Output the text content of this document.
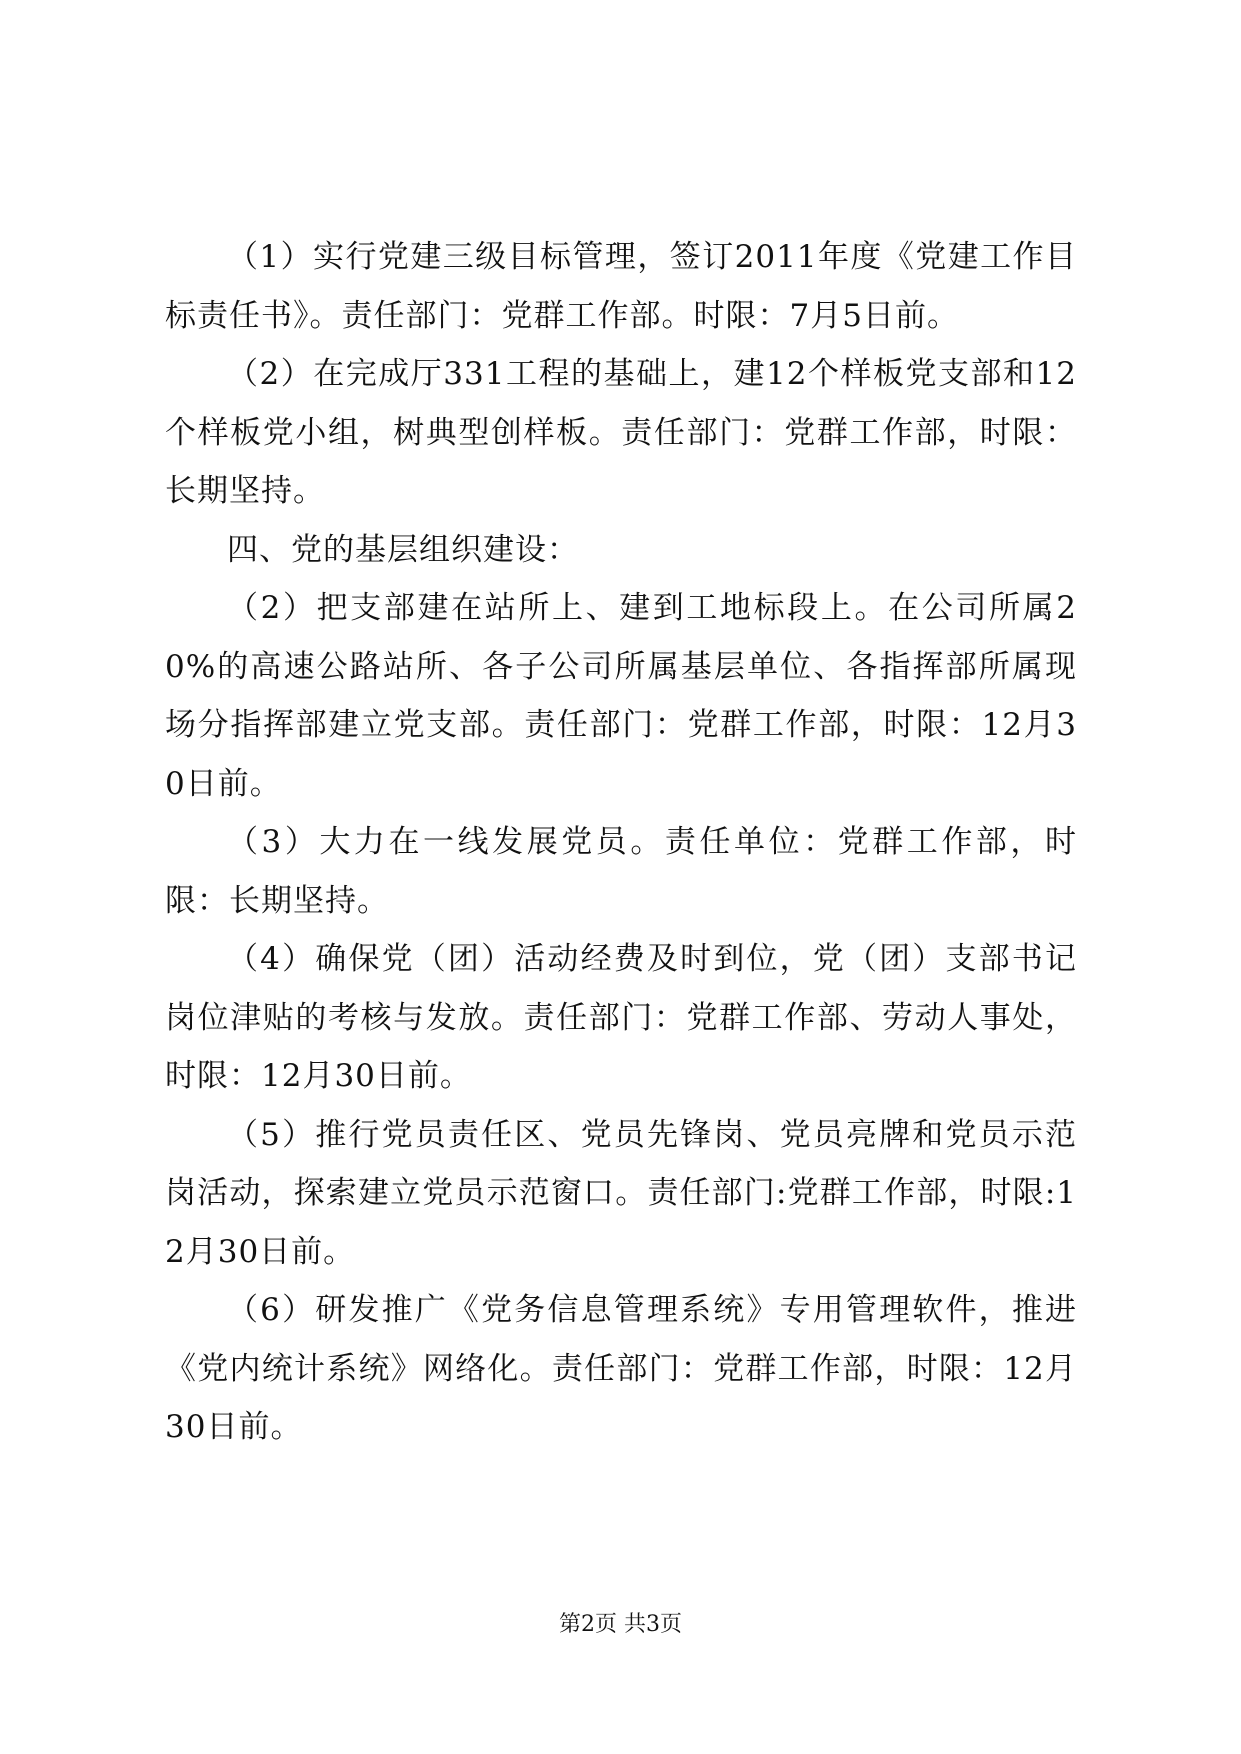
（1）实行党建三级目标管理，签订2011年度《党建工作目标责任书》。责任部门：党群工作部。时限：7月5日前。

（2）在完成厅331工程的基础上，建12个样板党支部和12个样板党小组，树典型创样板。责任部门：党群工作部，时限：长期坚持。

四、党的基层组织建设：

（2）把支部建在站所上、建到工地标段上。在公司所属20%的高速公路站所、各子公司所属基层单位、各指挥部所属现场分指挥部建立党支部。责任部门：党群工作部，时限：12月30日前。

（3）大力在一线发展党员。责任单位：党群工作部，时限：长期坚持。

（4）确保党（团）活动经费及时到位，党（团）支部书记岗位津贴的考核与发放。责任部门：党群工作部、劳动人事处，时限：12月30日前。

（5）推行党员责任区、党员先锋岗、党员亮牌和党员示范岗活动，探索建立党员示范窗口。责任部门:党群工作部，时限:12月30日前。

（6）研发推广《党务信息管理系统》专用管理软件，推进《党内统计系统》网络化。责任部门：党群工作部，时限：12月30日前。

第2页 共3页
